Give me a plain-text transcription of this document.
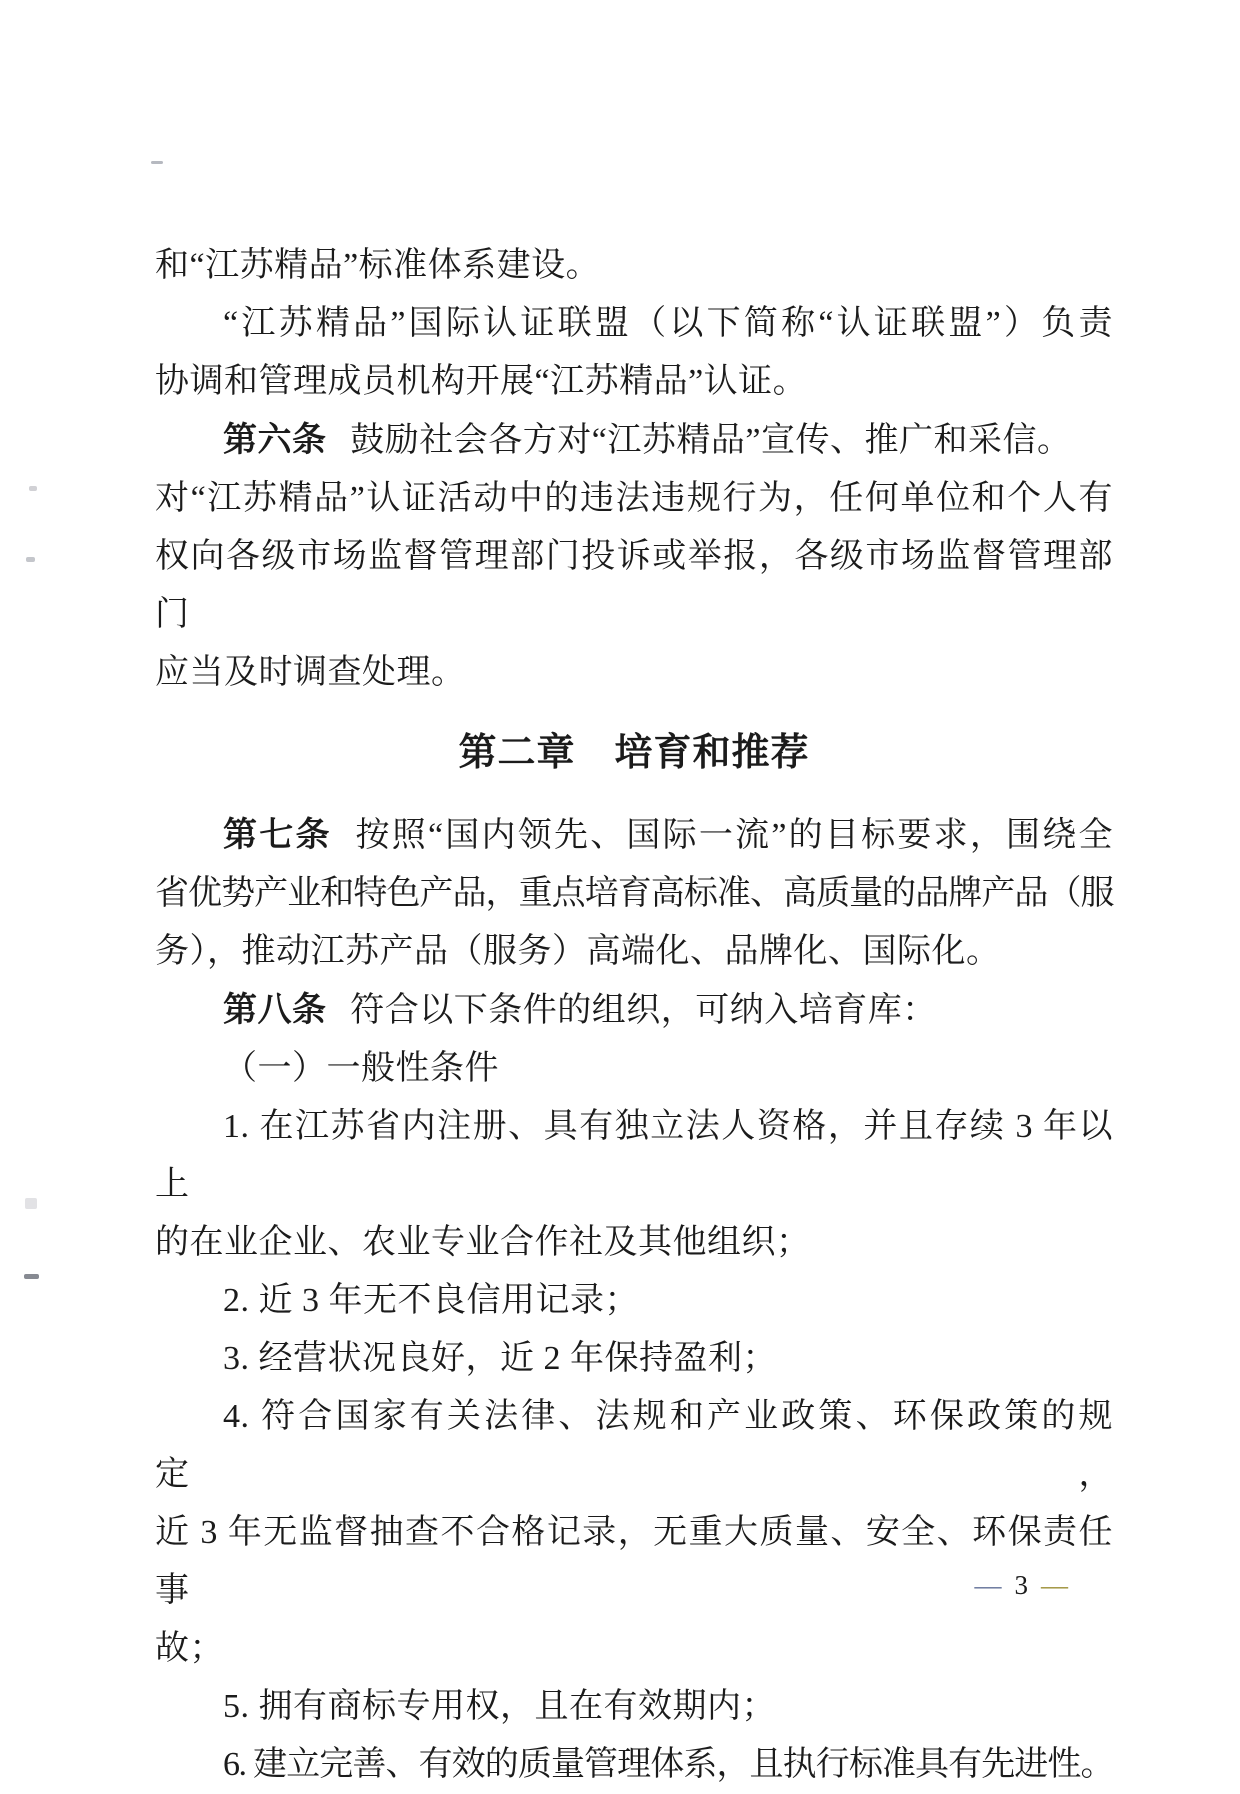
和“江苏精品”标准体系建设。
“江苏精品”国际认证联盟（以下简称“认证联盟”）负责
协调和管理成员机构开展“江苏精品”认证。
第六条 鼓励社会各方对“江苏精品”宣传、推广和采信。
对“江苏精品”认证活动中的违法违规行为，任何单位和个人有
权向各级市场监督管理部门投诉或举报，各级市场监督管理部门
应当及时调查处理。
第二章　培育和推荐
第七条 按照“国内领先、国际一流”的目标要求，围绕全
省优势产业和特色产品，重点培育高标准、高质量的品牌产品（服
务），推动江苏产品（服务）高端化、品牌化、国际化。
第八条 符合以下条件的组织，可纳入培育库：
（一）一般性条件
1. 在江苏省内注册、具有独立法人资格，并且存续 3 年以上
的在业企业、农业专业合作社及其他组织；
2. 近 3 年无不良信用记录；
3. 经营状况良好，近 2 年保持盈利；
4. 符合国家有关法律、法规和产业政策、环保政策的规定，
近 3 年无监督抽查不合格记录，无重大质量、安全、环保责任事
故；
5. 拥有商标专用权，且在有效期内；
6. 建立完善、有效的质量管理体系，且执行标准具有先进性。
— 3 —
